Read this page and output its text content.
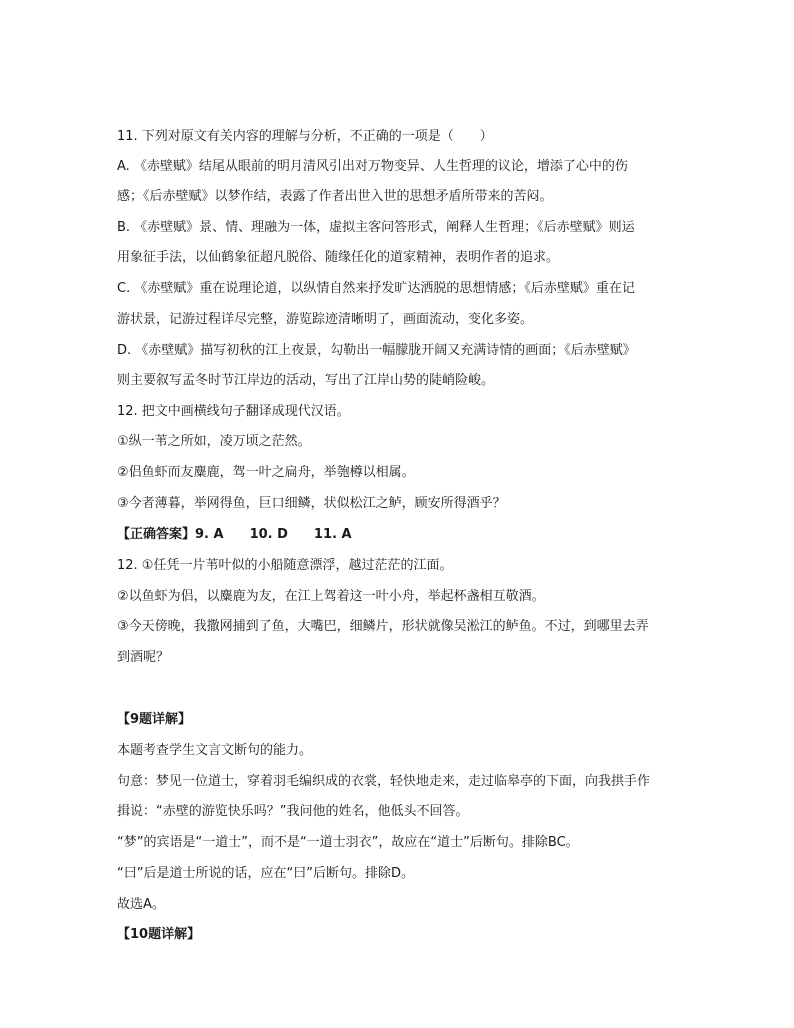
11. 下列对原文有关内容的理解与分析，不正确的一项是（　　）
A. 《赤壁赋》结尾从眼前的明月清风引出对万物变异、人生哲理的议论，增添了心中的伤
感；《后赤壁赋》以梦作结，表露了作者出世入世的思想矛盾所带来的苦闷。
B. 《赤壁赋》景、情、理融为一体，虚拟主客问答形式，阐释人生哲理；《后赤壁赋》则运
用象征手法，以仙鹤象征超凡脱俗、随缘任化的道家精神，表明作者的追求。
C. 《赤壁赋》重在说理论道，以纵情自然来抒发旷达洒脱的思想情感；《后赤壁赋》重在记
游状景，记游过程详尽完整，游览踪迹清晰明了，画面流动，变化多姿。
D. 《赤壁赋》描写初秋的江上夜景，勾勒出一幅朦胧开阔又充满诗情的画面；《后赤壁赋》
则主要叙写孟冬时节江岸边的活动，写出了江岸山势的陡峭险峻。
12. 把文中画横线句子翻译成现代汉语。
①纵一苇之所如，凌万顷之茫然。
②侣鱼虾而友麋鹿，驾一叶之扁舟，举匏樽以相属。
③今者薄暮，举网得鱼，巨口细鳞，状似松江之鲈，顾安所得酒乎？
【正确答案】9. A　　10. D　　11. A
12. ①任凭一片苇叶似的小船随意漂浮，越过茫茫的江面。
②以鱼虾为侣，以麋鹿为友，在江上驾着这一叶小舟，举起杯盏相互敬酒。
③今天傍晚，我撒网捕到了鱼，大嘴巴，细鳞片，形状就像吴淞江的鲈鱼。不过，到哪里去弄
到酒呢？
【9题详解】
本题考查学生文言文断句的能力。
句意：梦见一位道士，穿着羽毛编织成的衣裳，轻快地走来，走过临皋亭的下面，向我拱手作
揖说：“赤壁的游览快乐吗？”我问他的姓名，他低头不回答。
“梦”的宾语是“一道士”，而不是“一道士羽衣”，故应在“道士”后断句。排除BC。
“曰”后是道士所说的话，应在“曰”后断句。排除D。
故选A。
【10题详解】
